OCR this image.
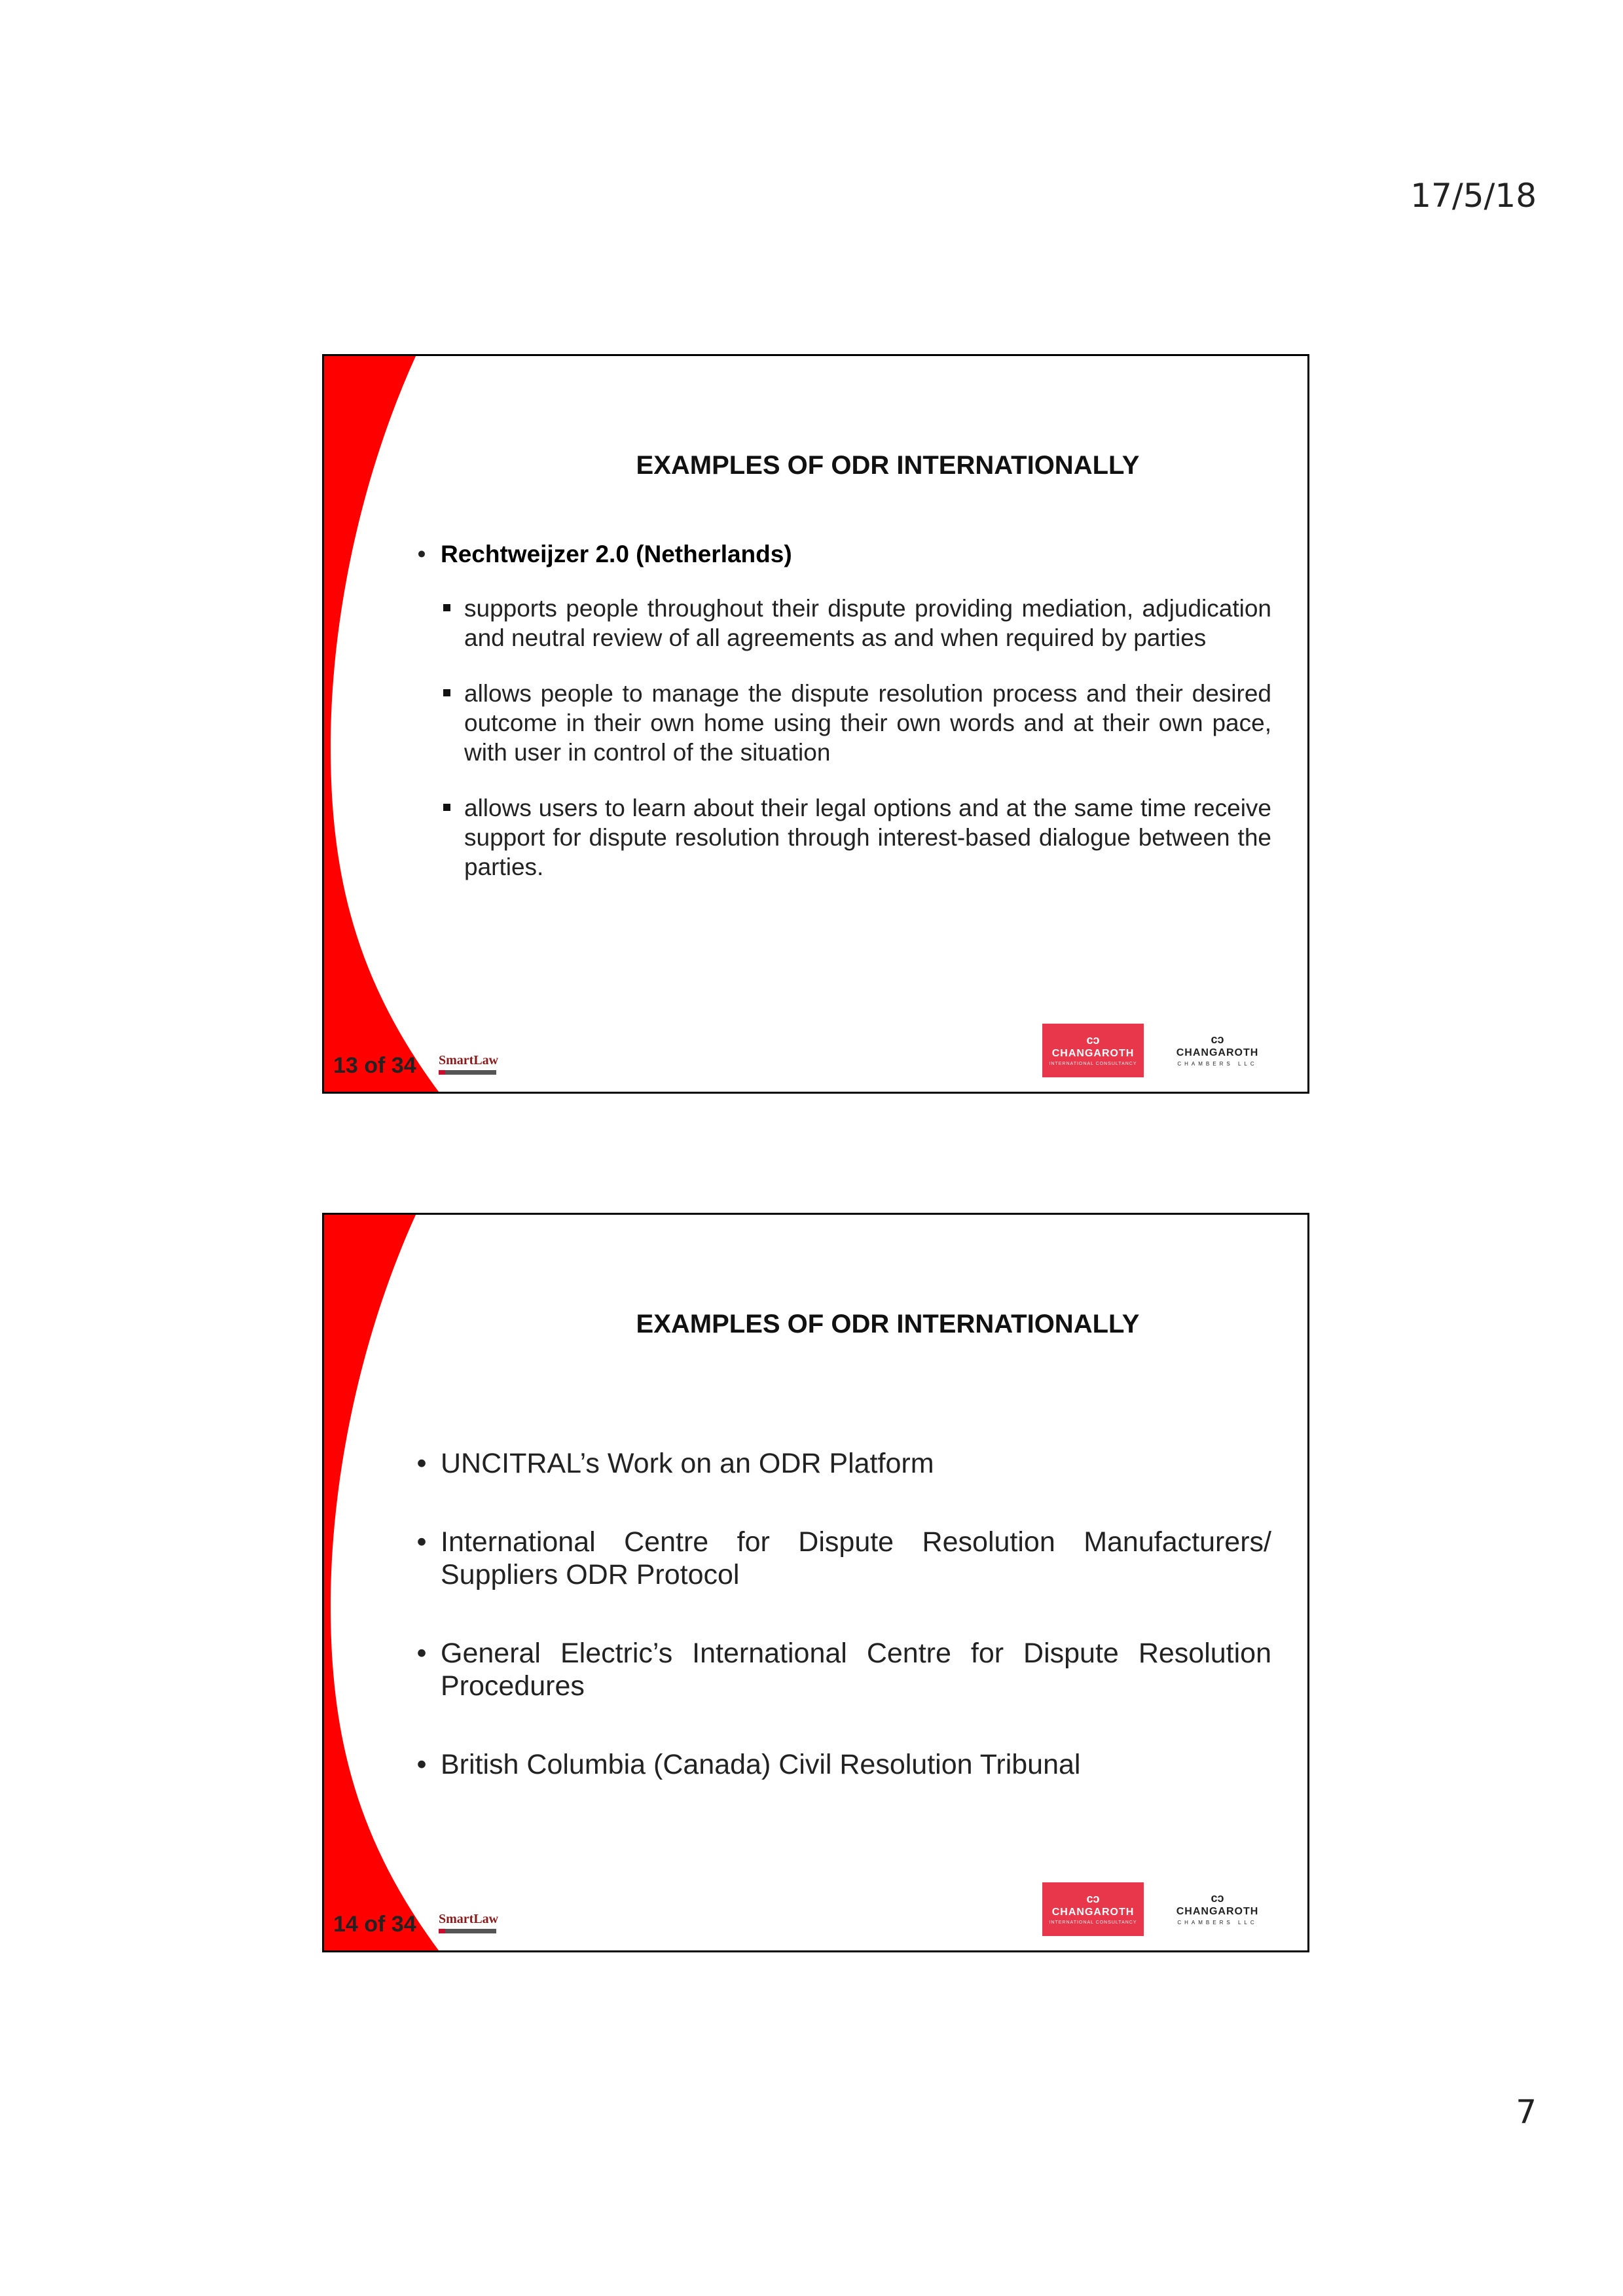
17/5/18
EXAMPLES OF ODR INTERNATIONALLY
• Rechtweijzer 2.0 (Netherlands)
supports people throughout their dispute providing mediation, adjudication and neutral review of all agreements as and when required by parties
allows people to manage the dispute resolution process and their desired outcome in their own home using their own words and at their own pace, with user in control of the situation
allows users to learn about their legal options and at the same time receive support for dispute resolution through interest-based dialogue between the parties.
13 of 34 SmartLaw
cɔ
CHANGAROTH
INTERNATIONAL CONSULTANCY
cɔ
CHANGAROTH
CHAMBERS LLC
EXAMPLES OF ODR INTERNATIONALLY
• UNCITRAL’s Work on an ODR Platform
• International Centre for Dispute Resolution Manufacturers/ Suppliers ODR Protocol
• General Electric’s International Centre for Dispute Resolution Procedures
• British Columbia (Canada) Civil Resolution Tribunal
14 of 34 SmartLaw
cɔ
CHANGAROTH
INTERNATIONAL CONSULTANCY
cɔ
CHANGAROTH
CHAMBERS LLC
7
